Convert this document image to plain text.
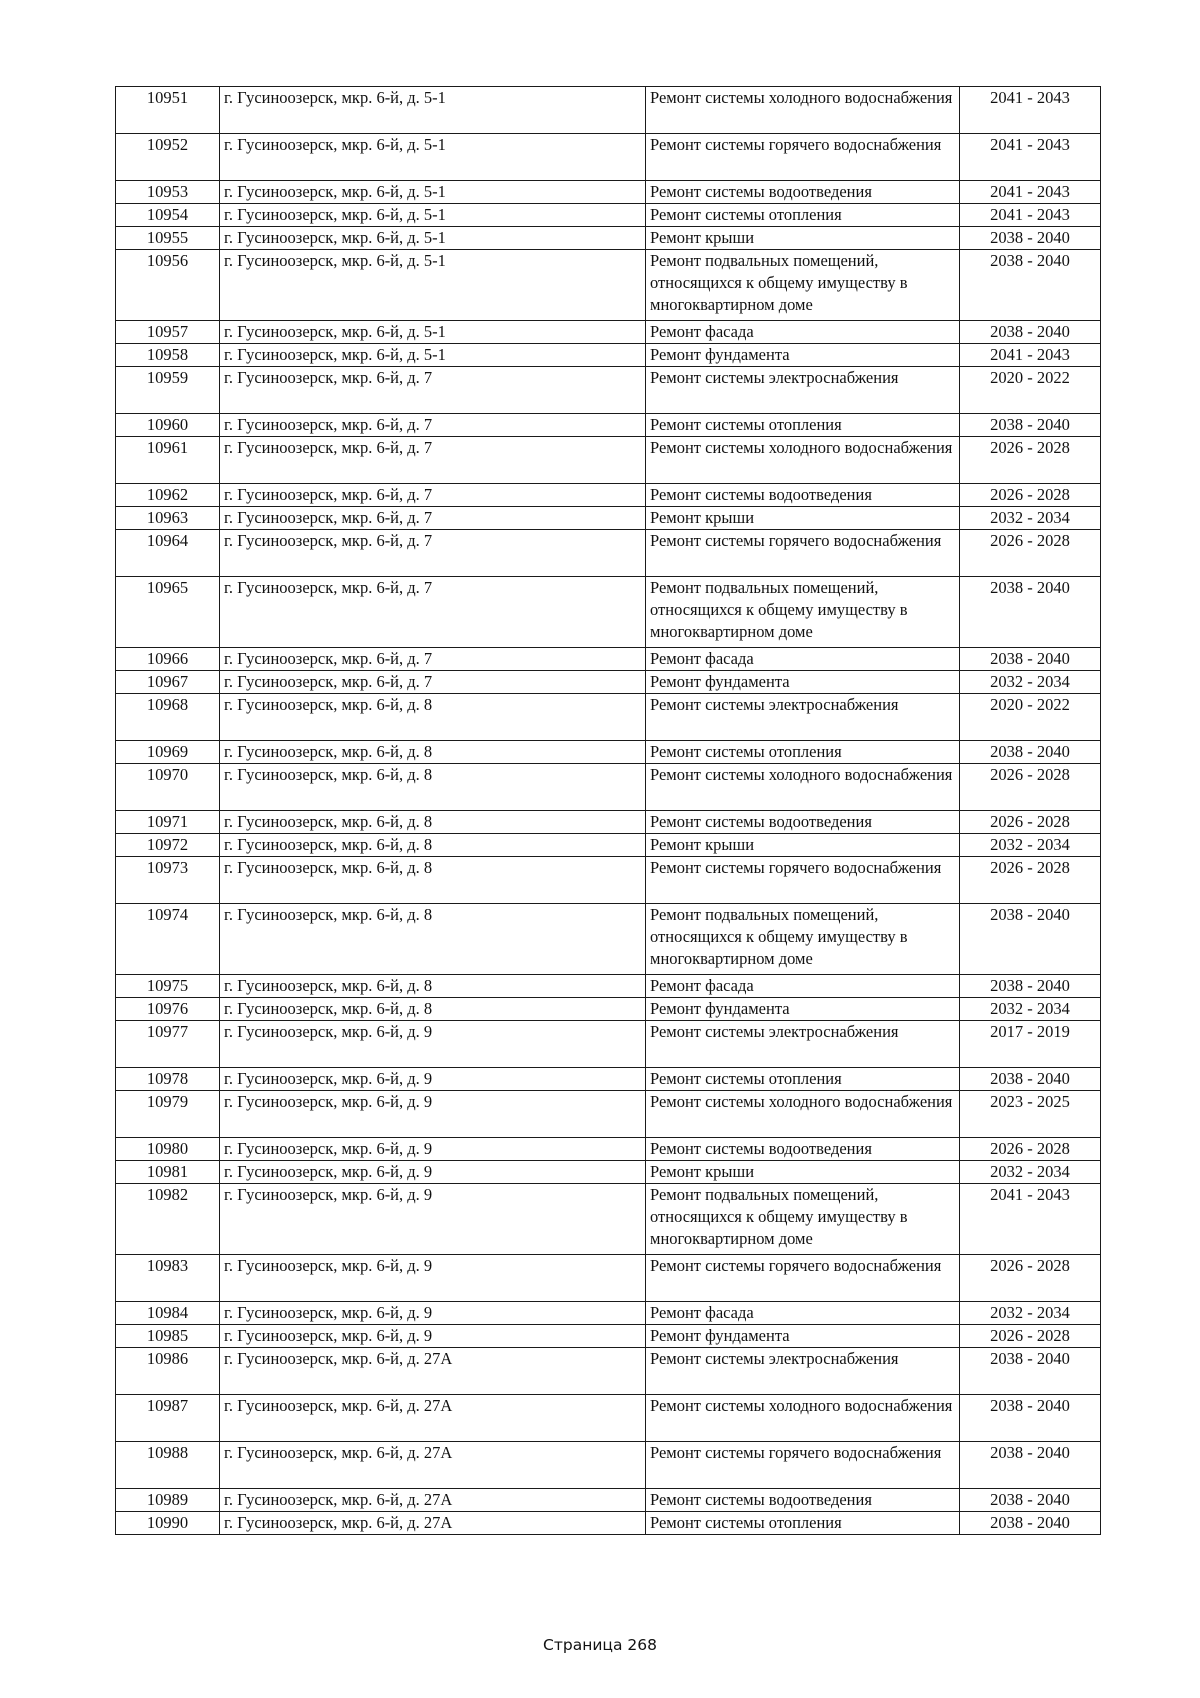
10951	г. Гусиноозерск, мкр. 6-й, д. 5-1	Ремонт системы холодного водоснабжения	2041 - 2043
10952	г. Гусиноозерск, мкр. 6-й, д. 5-1	Ремонт системы горячего водоснабжения	2041 - 2043
10953	г. Гусиноозерск, мкр. 6-й, д. 5-1	Ремонт системы водоотведения	2041 - 2043
10954	г. Гусиноозерск, мкр. 6-й, д. 5-1	Ремонт системы отопления	2041 - 2043
10955	г. Гусиноозерск, мкр. 6-й, д. 5-1	Ремонт крыши	2038 - 2040
10956	г. Гусиноозерск, мкр. 6-й, д. 5-1	Ремонт подвальных помещений, относящихся к общему имуществу в многоквартирном доме	2038 - 2040
10957	г. Гусиноозерск, мкр. 6-й, д. 5-1	Ремонт фасада	2038 - 2040
10958	г. Гусиноозерск, мкр. 6-й, д. 5-1	Ремонт фундамента	2041 - 2043
10959	г. Гусиноозерск, мкр. 6-й, д. 7	Ремонт системы электроснабжения	2020 - 2022
10960	г. Гусиноозерск, мкр. 6-й, д. 7	Ремонт системы отопления	2038 - 2040
10961	г. Гусиноозерск, мкр. 6-й, д. 7	Ремонт системы холодного водоснабжения	2026 - 2028
10962	г. Гусиноозерск, мкр. 6-й, д. 7	Ремонт системы водоотведения	2026 - 2028
10963	г. Гусиноозерск, мкр. 6-й, д. 7	Ремонт крыши	2032 - 2034
10964	г. Гусиноозерск, мкр. 6-й, д. 7	Ремонт системы горячего водоснабжения	2026 - 2028
10965	г. Гусиноозерск, мкр. 6-й, д. 7	Ремонт подвальных помещений, относящихся к общему имуществу в многоквартирном доме	2038 - 2040
10966	г. Гусиноозерск, мкр. 6-й, д. 7	Ремонт фасада	2038 - 2040
10967	г. Гусиноозерск, мкр. 6-й, д. 7	Ремонт фундамента	2032 - 2034
10968	г. Гусиноозерск, мкр. 6-й, д. 8	Ремонт системы электроснабжения	2020 - 2022
10969	г. Гусиноозерск, мкр. 6-й, д. 8	Ремонт системы отопления	2038 - 2040
10970	г. Гусиноозерск, мкр. 6-й, д. 8	Ремонт системы холодного водоснабжения	2026 - 2028
10971	г. Гусиноозерск, мкр. 6-й, д. 8	Ремонт системы водоотведения	2026 - 2028
10972	г. Гусиноозерск, мкр. 6-й, д. 8	Ремонт крыши	2032 - 2034
10973	г. Гусиноозерск, мкр. 6-й, д. 8	Ремонт системы горячего водоснабжения	2026 - 2028
10974	г. Гусиноозерск, мкр. 6-й, д. 8	Ремонт подвальных помещений, относящихся к общему имуществу в многоквартирном доме	2038 - 2040
10975	г. Гусиноозерск, мкр. 6-й, д. 8	Ремонт фасада	2038 - 2040
10976	г. Гусиноозерск, мкр. 6-й, д. 8	Ремонт фундамента	2032 - 2034
10977	г. Гусиноозерск, мкр. 6-й, д. 9	Ремонт системы электроснабжения	2017 - 2019
10978	г. Гусиноозерск, мкр. 6-й, д. 9	Ремонт системы отопления	2038 - 2040
10979	г. Гусиноозерск, мкр. 6-й, д. 9	Ремонт системы холодного водоснабжения	2023 - 2025
10980	г. Гусиноозерск, мкр. 6-й, д. 9	Ремонт системы водоотведения	2026 - 2028
10981	г. Гусиноозерск, мкр. 6-й, д. 9	Ремонт крыши	2032 - 2034
10982	г. Гусиноозерск, мкр. 6-й, д. 9	Ремонт подвальных помещений, относящихся к общему имуществу в многоквартирном доме	2041 - 2043
10983	г. Гусиноозерск, мкр. 6-й, д. 9	Ремонт системы горячего водоснабжения	2026 - 2028
10984	г. Гусиноозерск, мкр. 6-й, д. 9	Ремонт фасада	2032 - 2034
10985	г. Гусиноозерск, мкр. 6-й, д. 9	Ремонт фундамента	2026 - 2028
10986	г. Гусиноозерск, мкр. 6-й, д. 27А	Ремонт системы электроснабжения	2038 - 2040
10987	г. Гусиноозерск, мкр. 6-й, д. 27А	Ремонт системы холодного водоснабжения	2038 - 2040
10988	г. Гусиноозерск, мкр. 6-й, д. 27А	Ремонт системы горячего водоснабжения	2038 - 2040
10989	г. Гусиноозерск, мкр. 6-й, д. 27А	Ремонт системы водоотведения	2038 - 2040
10990	г. Гусиноозерск, мкр. 6-й, д. 27А	Ремонт системы отопления	2038 - 2040
Страница 268
